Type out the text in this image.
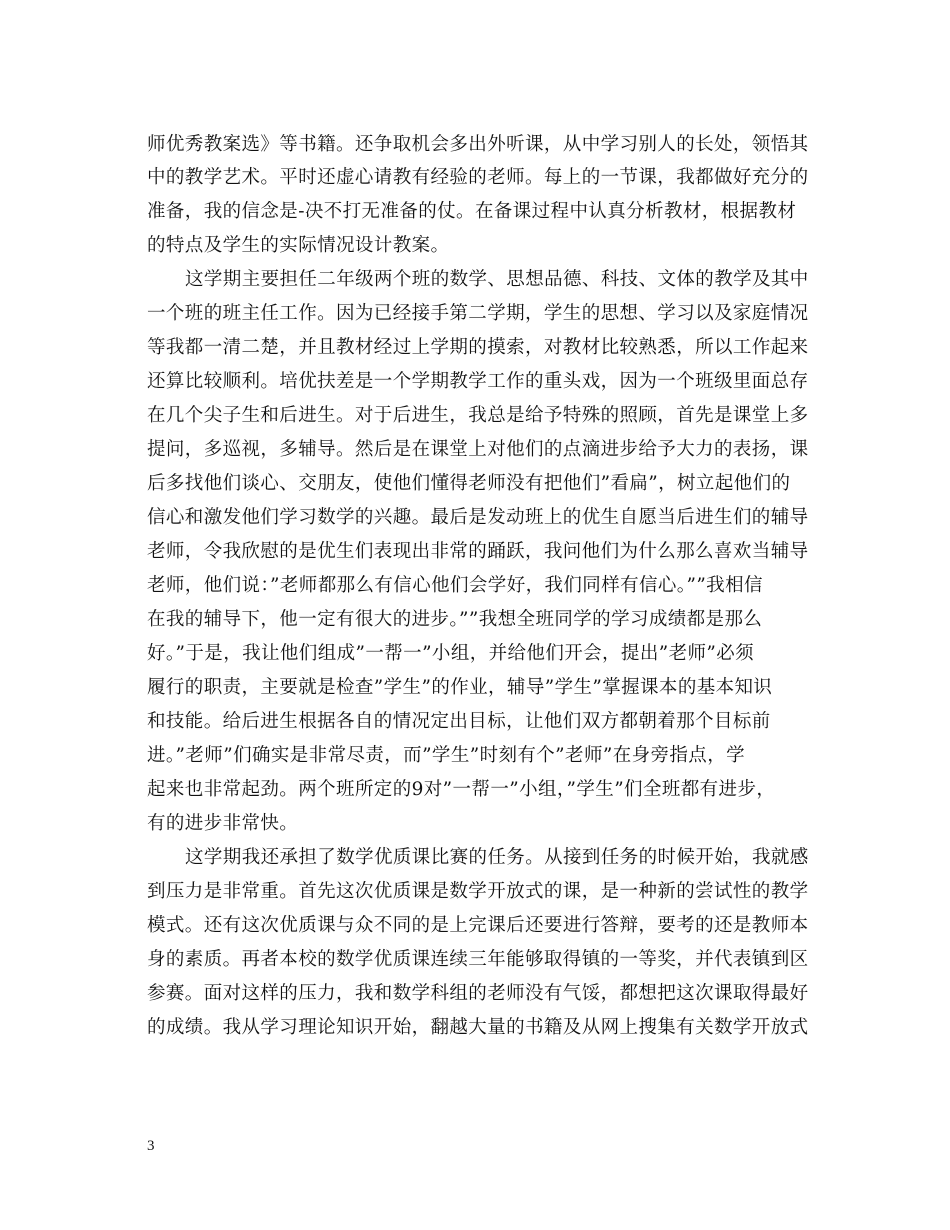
师优秀教案选》等书籍。还争取机会多出外听课，从中学习别人的长处，领悟其
中的教学艺术。平时还虚心请教有经验的老师。每上的一节课，我都做好充分的
准备，我的信念是-决不打无准备的仗。在备课过程中认真分析教材，根据教材
的特点及学生的实际情况设计教案。
这学期主要担任二年级两个班的数学、思想品德、科技、文体的教学及其中
一个班的班主任工作。因为已经接手第二学期，学生的思想、学习以及家庭情况
等我都一清二楚，并且教材经过上学期的摸索，对教材比较熟悉，所以工作起来
还算比较顺利。培优扶差是一个学期教学工作的重头戏，因为一个班级里面总存
在几个尖子生和后进生。对于后进生，我总是给予特殊的照顾，首先是课堂上多
提问，多巡视，多辅导。然后是在课堂上对他们的点滴进步给予大力的表扬，课
后多找他们谈心、交朋友，使他们懂得老师没有把他们”看扁”，树立起他们的
信心和激发他们学习数学的兴趣。最后是发动班上的优生自愿当后进生们的辅导
老师，令我欣慰的是优生们表现出非常的踊跃，我问他们为什么那么喜欢当辅导
老师，他们说：”老师都那么有信心他们会学好，我们同样有信心。””我相信
在我的辅导下，他一定有很大的进步。””我想全班同学的学习成绩都是那么
好。”于是，我让他们组成”一帮一”小组，并给他们开会，提出”老师”必须
履行的职责，主要就是检查”学生”的作业，辅导”学生”掌握课本的基本知识
和技能。给后进生根据各自的情况定出目标，让他们双方都朝着那个目标前
进。”老师”们确实是非常尽责，而”学生”时刻有个”老师”在身旁指点，学
起来也非常起劲。两个班所定的9对”一帮一”小组，”学生”们全班都有进步，
有的进步非常快。
这学期我还承担了数学优质课比赛的任务。从接到任务的时候开始，我就感
到压力是非常重。首先这次优质课是数学开放式的课，是一种新的尝试性的教学
模式。还有这次优质课与众不同的是上完课后还要进行答辩，要考的还是教师本
身的素质。再者本校的数学优质课连续三年能够取得镇的一等奖，并代表镇到区
参赛。面对这样的压力，我和数学科组的老师没有气馁，都想把这次课取得最好
的成绩。我从学习理论知识开始，翻越大量的书籍及从网上搜集有关数学开放式
3
